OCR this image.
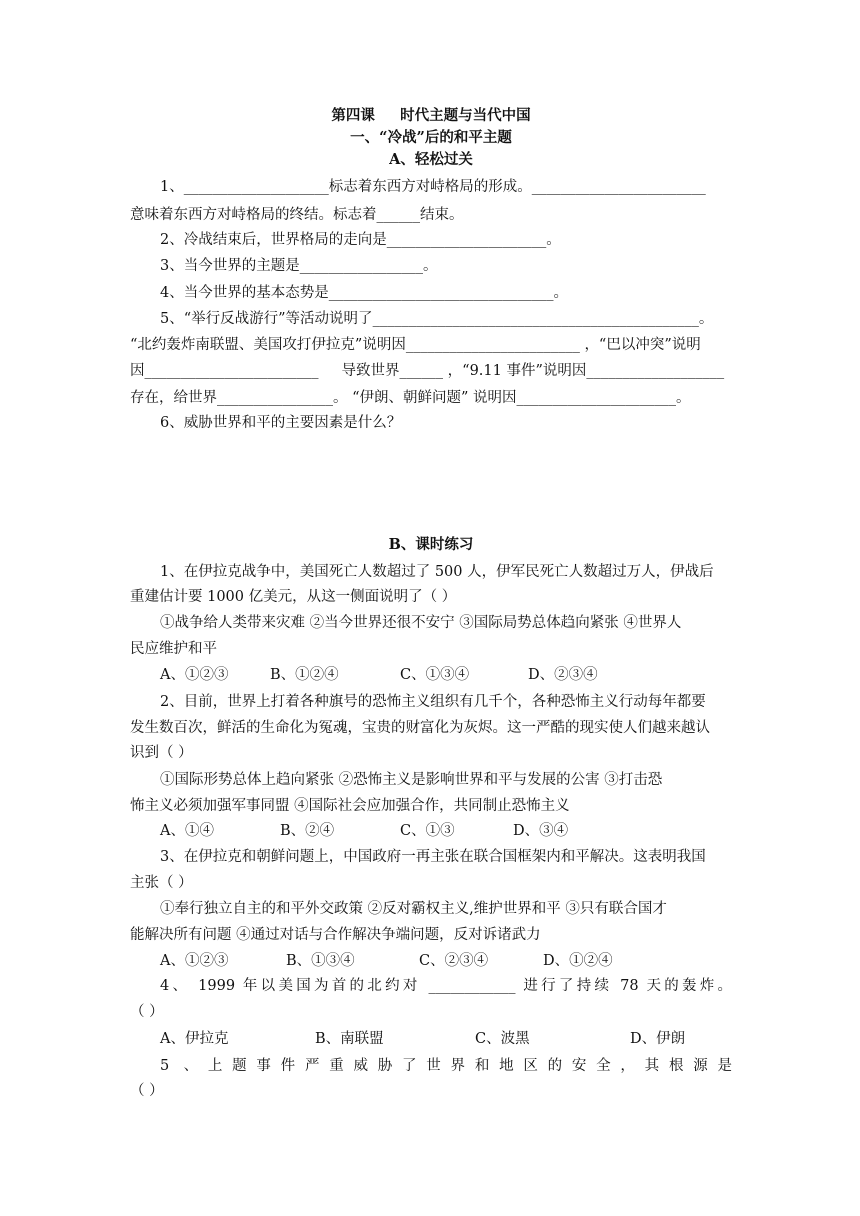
第四课 时代主题与当代中国
一、“冷战”后的和平主题
A、轻松过关
1、____________________标志着东西方对峙格局的形成。________________________
意味着东西方对峙格局的终结。标志着______结束。
2、冷战结束后，世界格局的走向是______________________。
3、当今世界的主题是_________________。
4、当今世界的基本态势是_______________________________。
5、“举行反战游行”等活动说明了_____________________________________________。
“北约轰炸南联盟、美国攻打伊拉克”说明因________________________ ，“巴以冲突”说明
因________________________ 导致世界______ ，“9.11 事件”说明因___________________
存在，给世界________________。 “伊朗、朝鲜问题” 说明因______________________。
6、威胁世界和平的主要因素是什么？
B、课时练习
1、在伊拉克战争中，美国死亡人数超过了 500 人，伊军民死亡人数超过万人，伊战后
重建估计要 1000 亿美元，从这一侧面说明了（ ）
①战争给人类带来灾难 ②当今世界还很不安宁 ③国际局势总体趋向紧张 ④世界人
民应维护和平
A、①②③	B、①②④	C、①③④	D、②③④
2、目前，世界上打着各种旗号的恐怖主义组织有几千个，各种恐怖主义行动每年都要
发生数百次，鲜活的生命化为冤魂，宝贵的财富化为灰烬。这一严酷的现实使人们越来越认
识到（ ）
①国际形势总体上趋向紧张 ②恐怖主义是影响世界和平与发展的公害 ③打击恐
怖主义必须加强军事同盟 ④国际社会应加强合作，共同制止恐怖主义
A、①④	B、②④	C、①③	D、③④
3、在伊拉克和朝鲜问题上，中国政府一再主张在联合国框架内和平解决。这表明我国
主张（ ）
①奉行独立自主的和平外交政策 ②反对霸权主义,维护世界和平 ③只有联合国才
能解决所有问题 ④通过对话与合作解决争端问题，反对诉诸武力
A、①②③	B、①③④	C、②③④	D、①②④
4、 1999 年以美国为首的北约对 ____________ 进行了持续 78 天的轰炸。
（ ）
A、伊拉克	B、南联盟	C、波黑	D、伊朗
5 、上题事件严重威胁了世界和地区的安全，其根源是
（ ）
